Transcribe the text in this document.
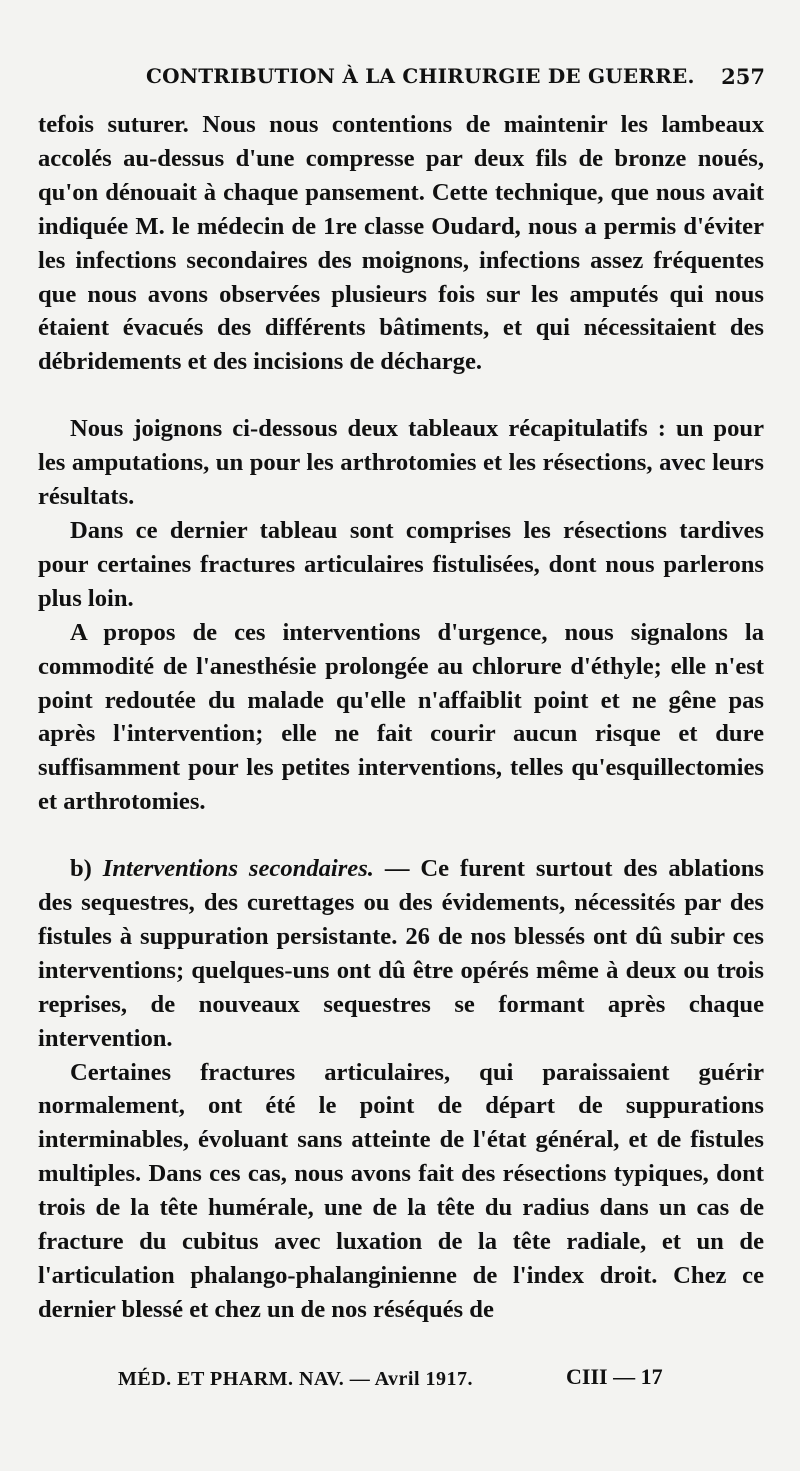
CONTRIBUTION À LA CHIRURGIE DE GUERRE. 257

tefois suturer. Nous nous contentions de maintenir les lambeaux accolés au-dessus d'une compresse par deux fils de bronze noués, qu'on dénouait à chaque pansement. Cette technique, que nous avait indiquée M. le médecin de 1re classe Oudard, nous a permis d'éviter les infections secondaires des moignons, infections assez fréquentes que nous avons observées plusieurs fois sur les amputés qui nous étaient évacués des différents bâtiments, et qui nécessitaient des débridements et des incisions de décharge.

Nous joignons ci-dessous deux tableaux récapitulatifs : un pour les amputations, un pour les arthrotomies et les résections, avec leurs résultats.

Dans ce dernier tableau sont comprises les résections tardives pour certaines fractures articulaires fistulisées, dont nous parlerons plus loin.

A propos de ces interventions d'urgence, nous signalons la commodité de l'anesthésie prolongée au chlorure d'éthyle; elle n'est point redoutée du malade qu'elle n'affaiblit point et ne gêne pas après l'intervention; elle ne fait courir aucun risque et dure suffisamment pour les petites interventions, telles qu'esquillectomies et arthrotomies.

b) Interventions secondaires. — Ce furent surtout des ablations des sequestres, des curettages ou des évidements, nécessités par des fistules à suppuration persistante. 26 de nos blessés ont dû subir ces interventions; quelques-uns ont dû être opérés même à deux ou trois reprises, de nouveaux sequestres se formant après chaque intervention.

Certaines fractures articulaires, qui paraissaient guérir normalement, ont été le point de départ de suppurations interminables, évoluant sans atteinte de l'état général, et de fistules multiples. Dans ces cas, nous avons fait des résections typiques, dont trois de la tête humérale, une de la tête du radius dans un cas de fracture du cubitus avec luxation de la tête radiale, et un de l'articulation phalango-phalanginienne de l'index droit. Chez ce dernier blessé et chez un de nos réséqués de

MÉD. ET PHARM. NAV. — Avril 1917.	CIII — 17
